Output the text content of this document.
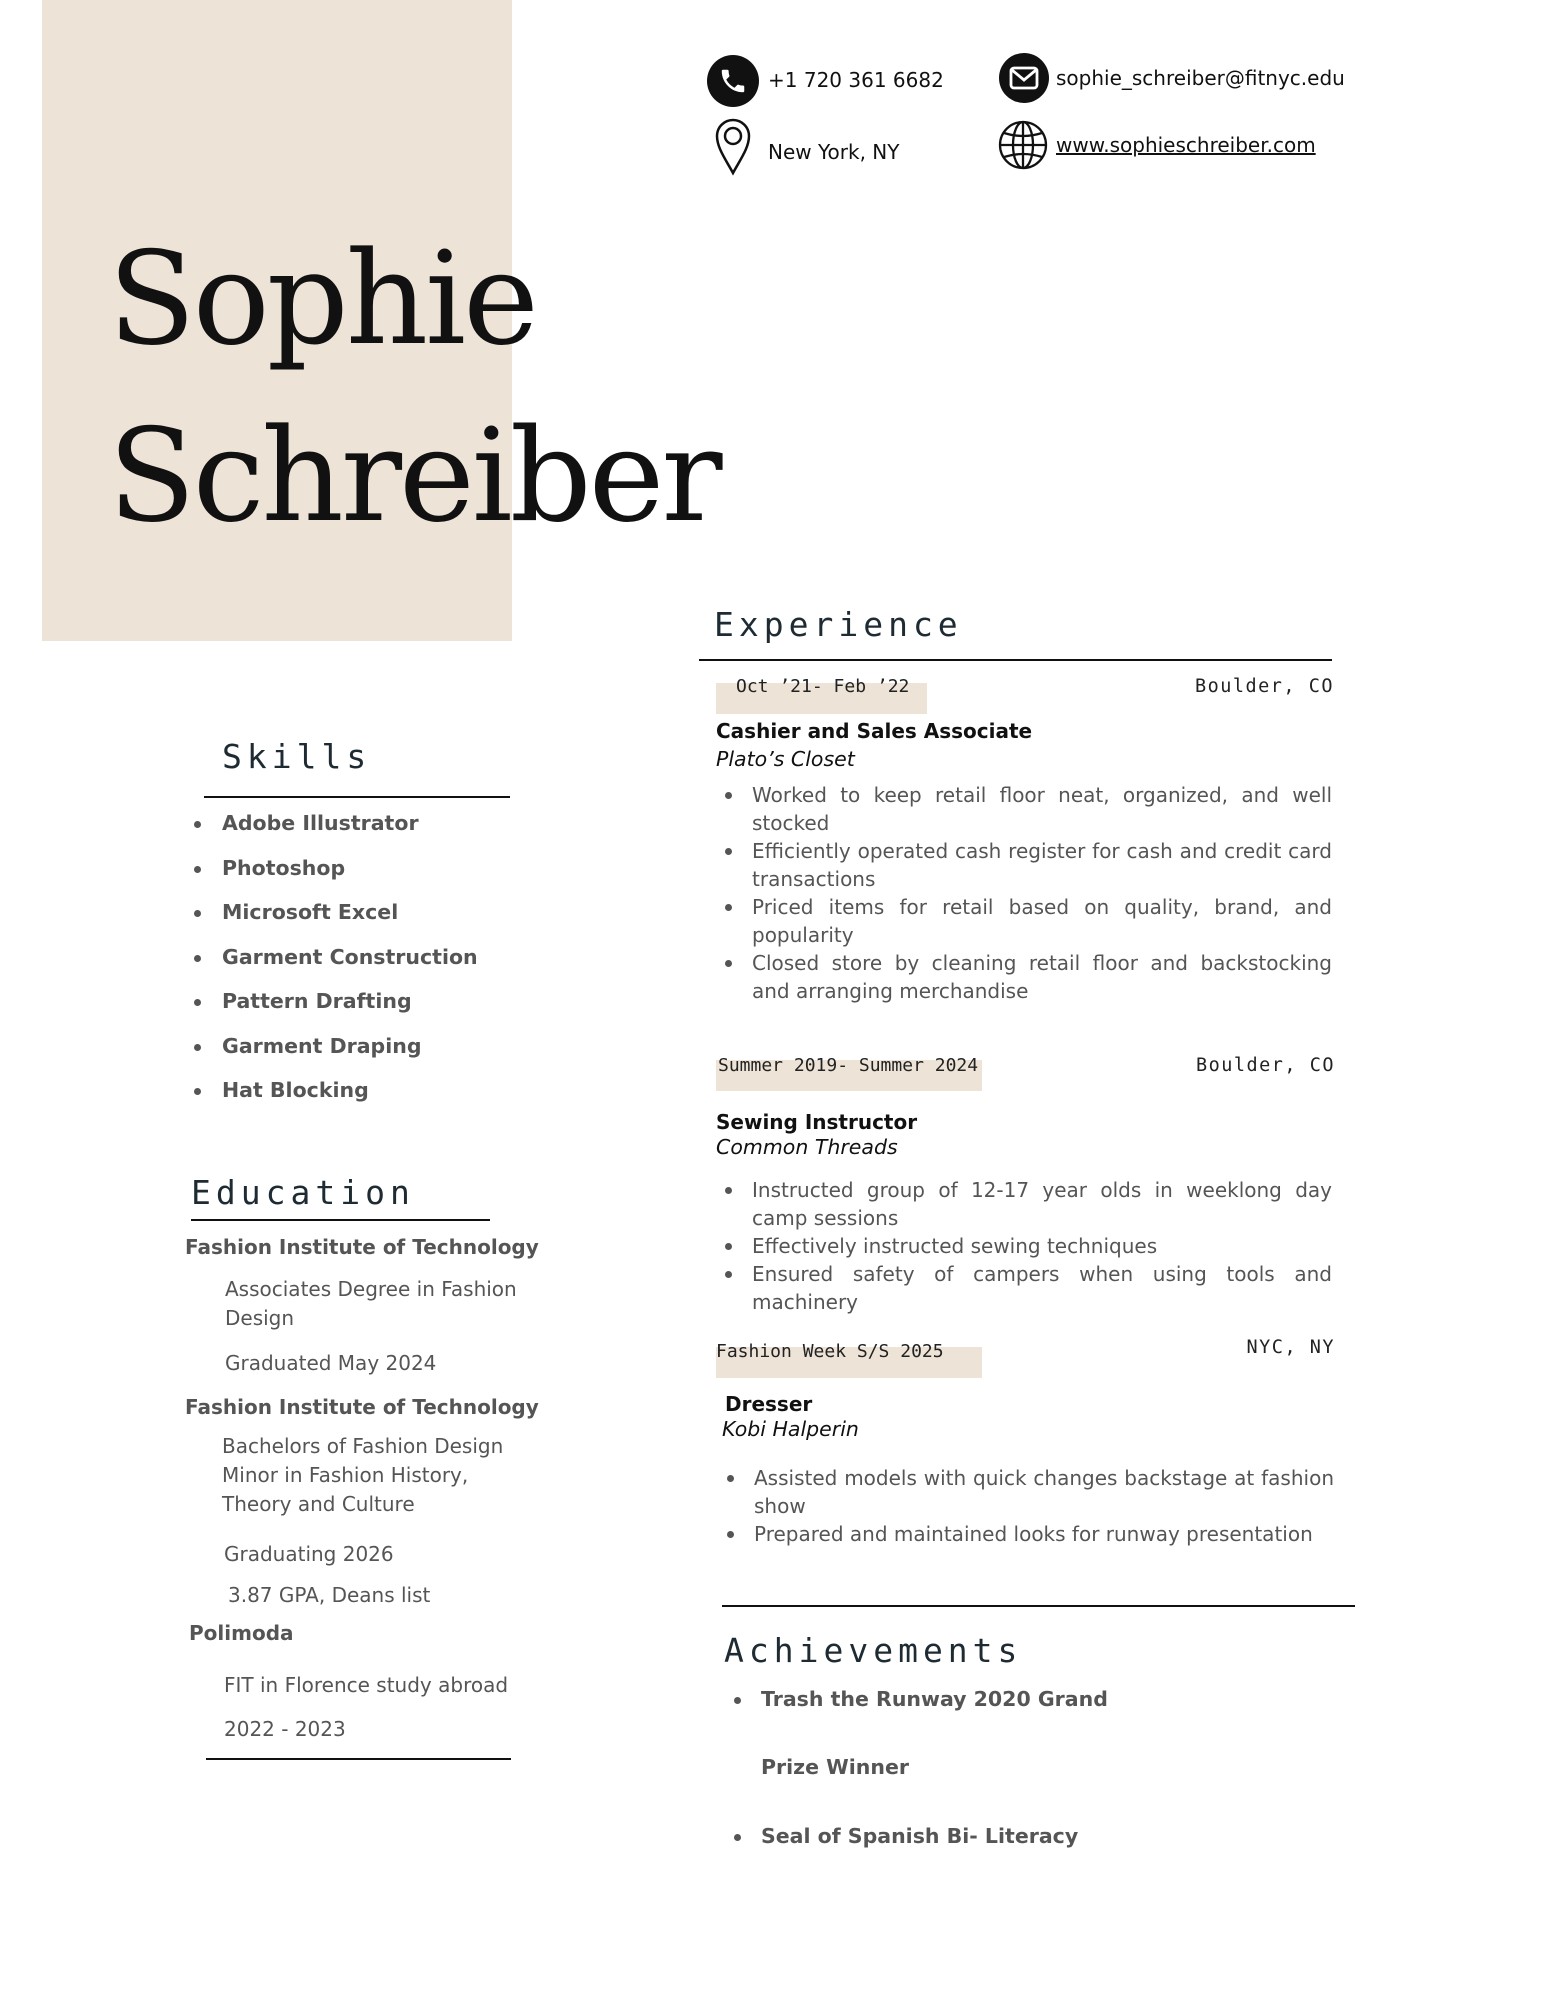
+1 720 361 6682	sophie_schreiber@fitnyc.edu
New York, NY	www.sophieschreiber.com
Sophie
Schreiber
Skills
Adobe Illustrator
Photoshop
Microsoft Excel
Garment Construction
Pattern Drafting
Garment Draping
Hat Blocking
Education
Fashion Institute of Technology
Associates Degree in Fashion Design
Graduated May 2024
Fashion Institute of Technology
Bachelors of Fashion Design
Minor in Fashion History,
Theory and Culture
Graduating 2026
3.87 GPA, Deans list
Polimoda
FIT in Florence study abroad
2022 - 2023
Experience
Oct ’21- Feb ’22	Boulder, CO
Cashier and Sales Associate
Plato’s Closet
Worked to keep retail floor neat, organized, and well stocked
Efficiently operated cash register for cash and credit card transactions
Priced items for retail based on quality, brand, and popularity
Closed store by cleaning retail floor and backstocking and arranging merchandise
Summer 2019- Summer 2024	Boulder, CO
Sewing Instructor
Common Threads
Instructed group of 12-17 year olds in weeklong day camp sessions
Effectively instructed sewing techniques
Ensured safety of campers when using tools and machinery
Fashion Week S/S 2025	NYC, NY
Dresser
Kobi Halperin
Assisted models with quick changes backstage at fashion show
Prepared and maintained looks for runway presentation
Achievements
Trash the Runway 2020 Grand
Prize Winner
Seal of Spanish Bi- Literacy
